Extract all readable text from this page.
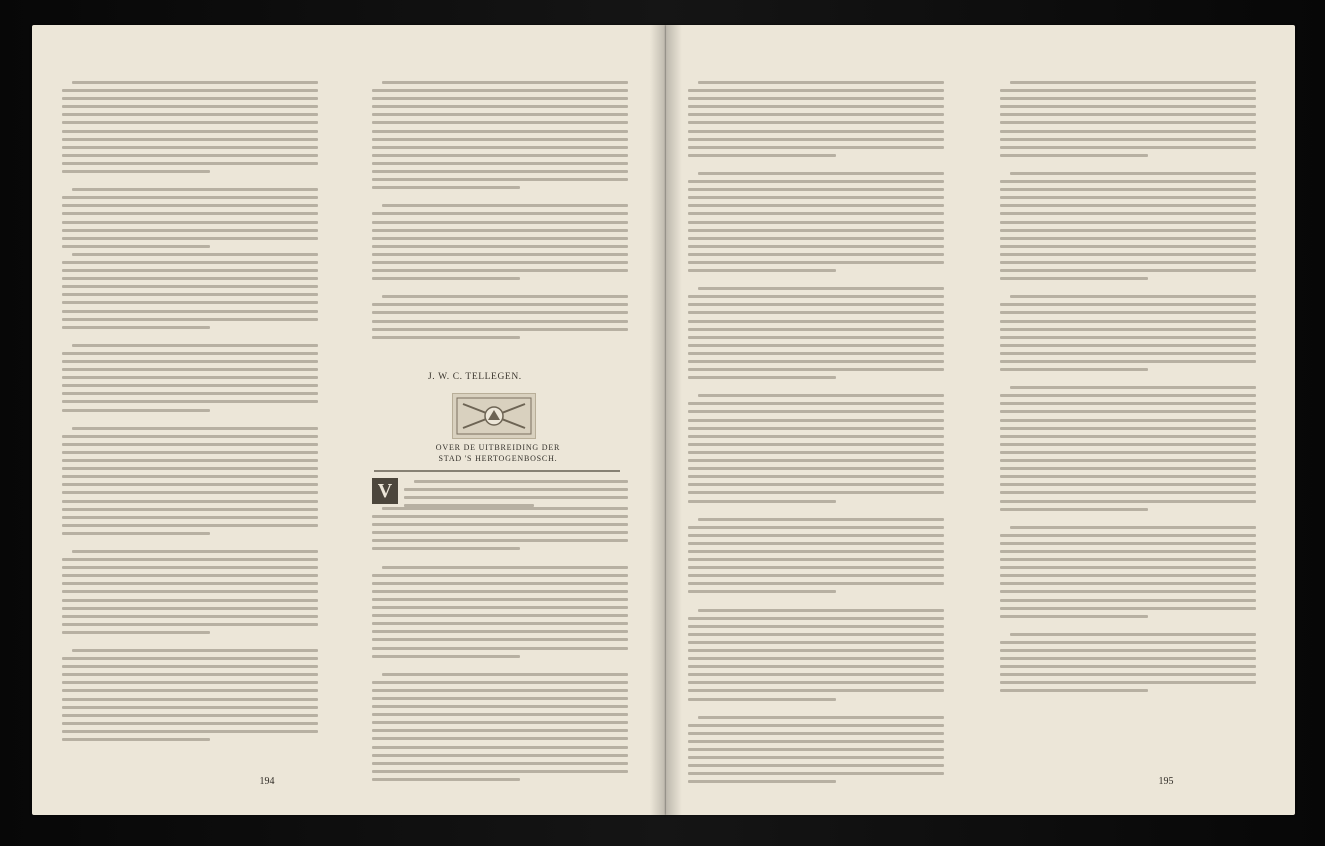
J. W. C. TELLEGEN.
OVER DE UITBREIDING DER STAD 'S HERTOGENBOSCH.
V
194	195
